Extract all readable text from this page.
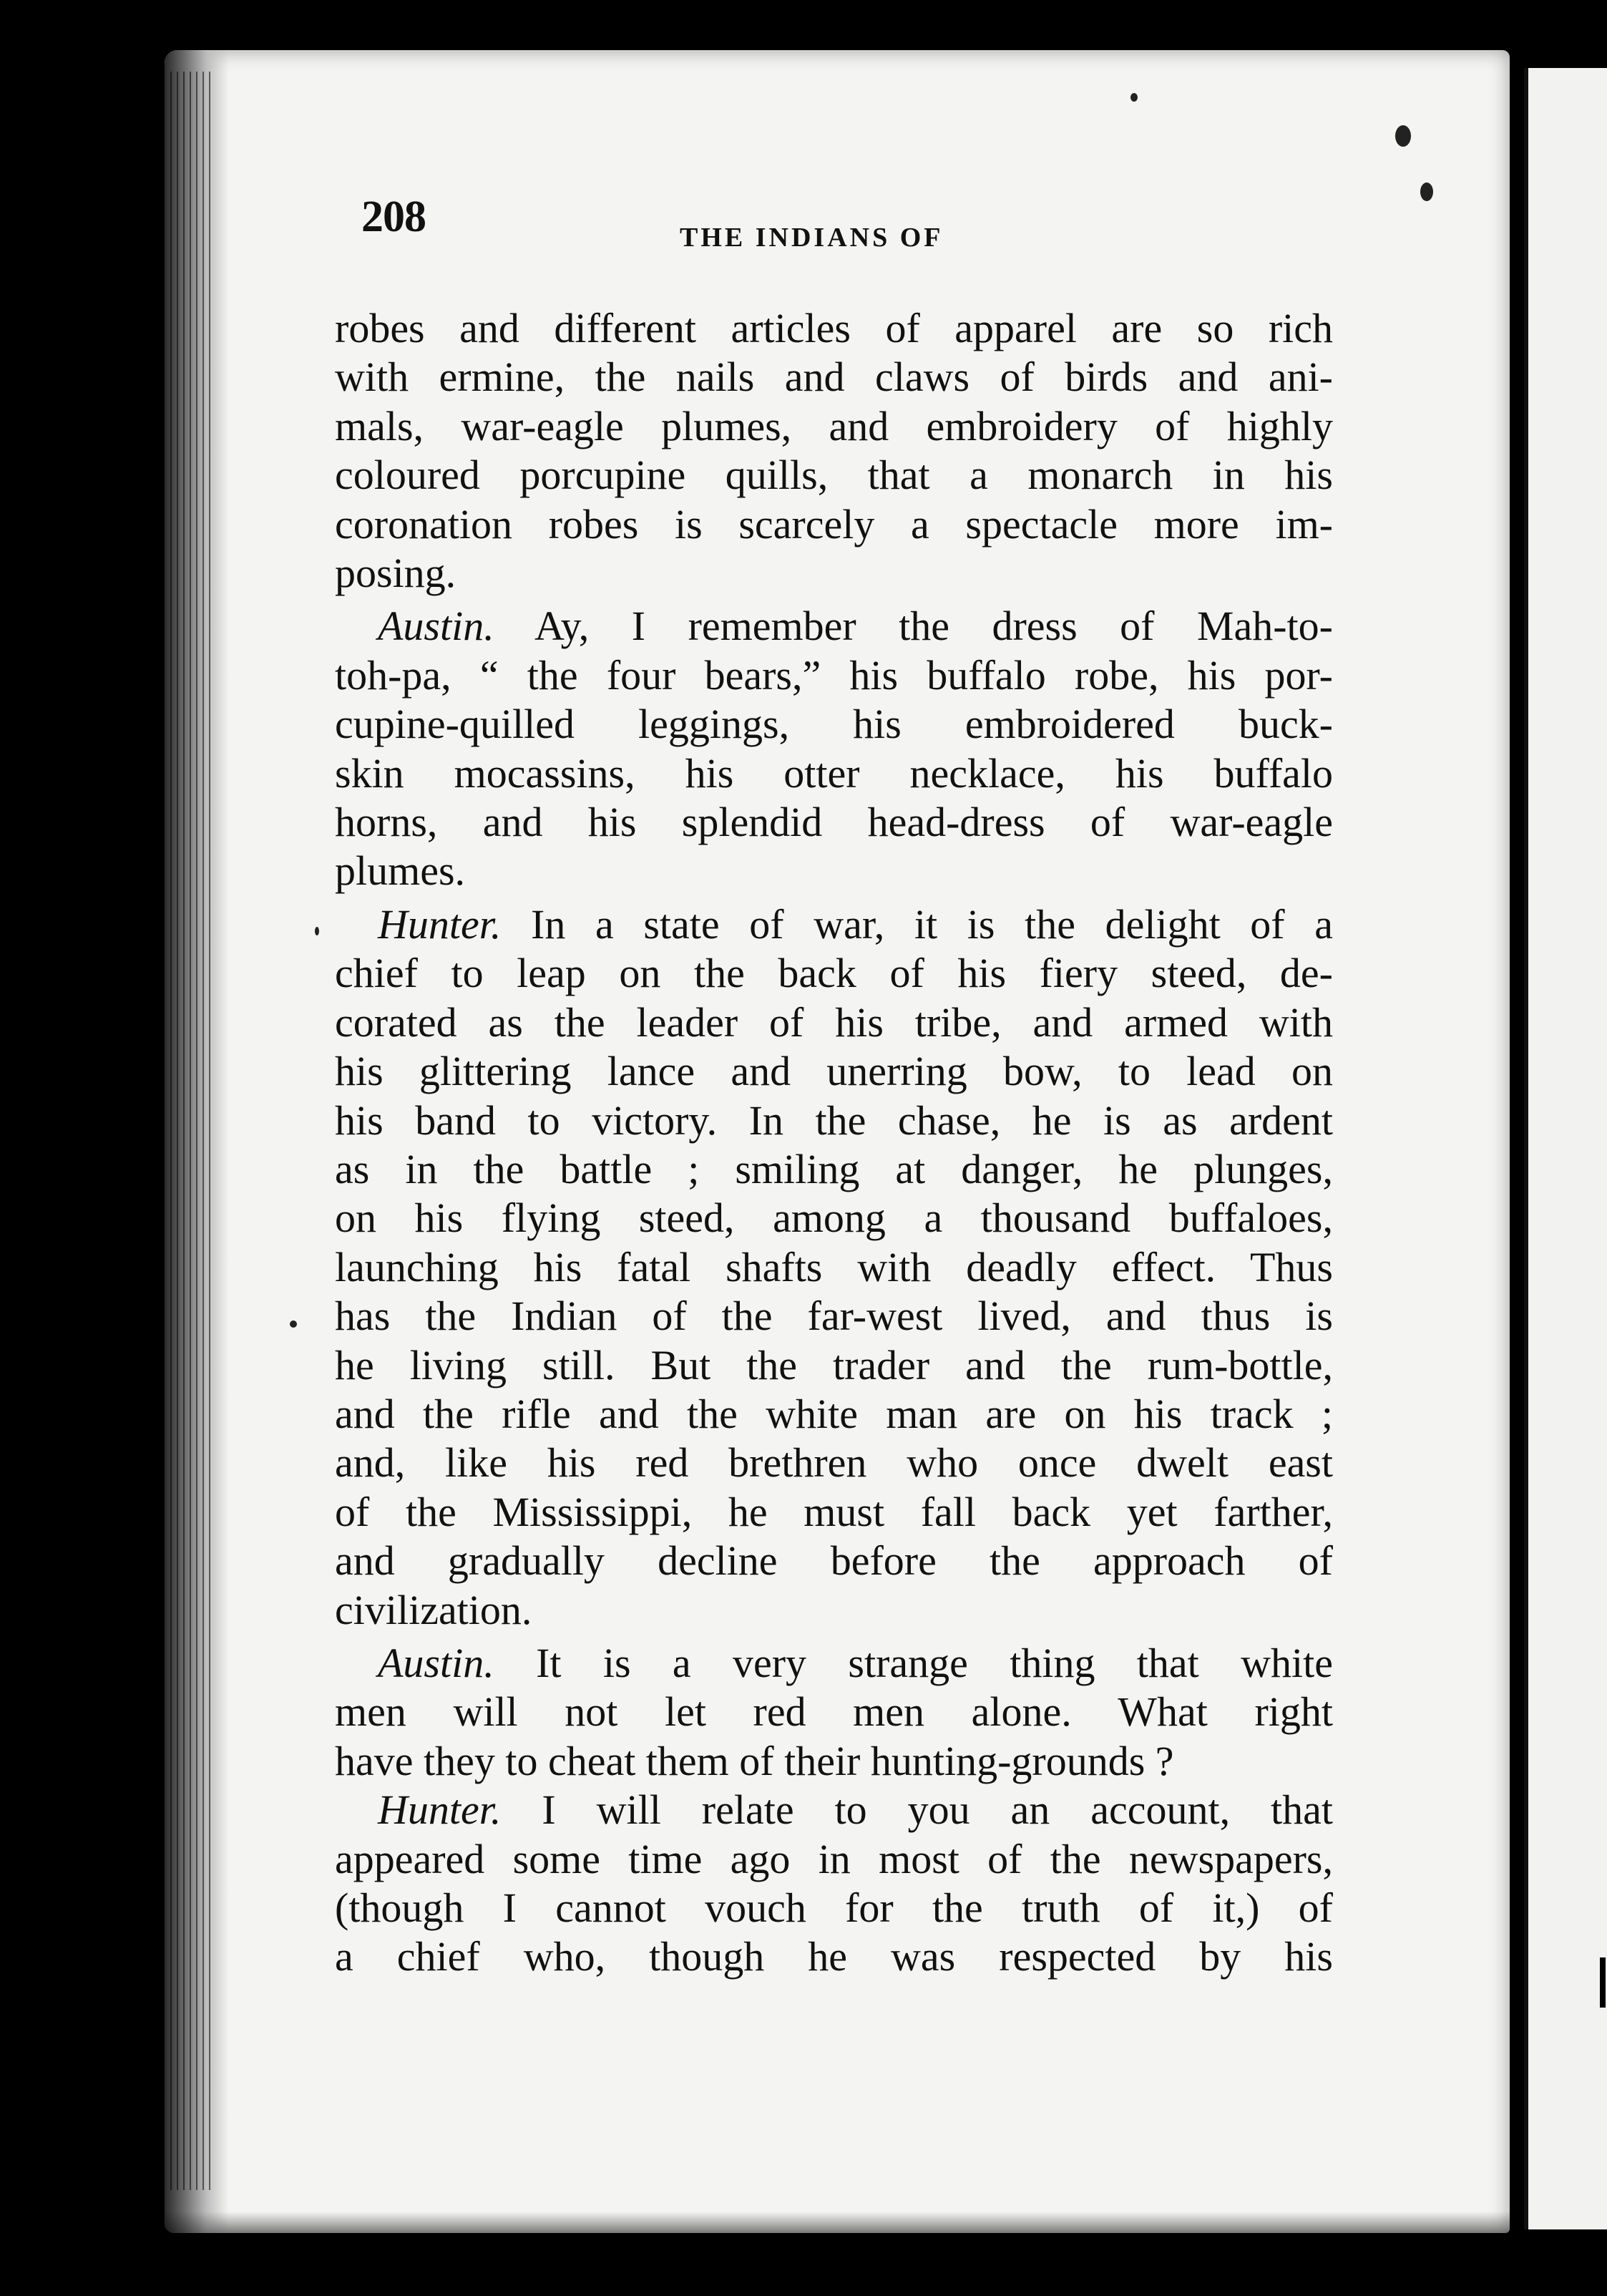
208	THE INDIANS OF
robes and different articles of apparel are so rich
with ermine, the nails and claws of birds and ani-
mals, war-eagle plumes, and embroidery of highly
coloured porcupine quills, that a monarch in his
coronation robes is scarcely a spectacle more im-
posing.
Austin. Ay, I remember the dress of Mah-to-
toh-pa, “ the four bears,” his buffalo robe, his por-
cupine-quilled leggings, his embroidered buck-
skin mocassins, his otter necklace, his buffalo
horns, and his splendid head-dress of war-eagle
plumes.
Hunter. In a state of war, it is the delight of a
chief to leap on the back of his fiery steed, de-
corated as the leader of his tribe, and armed with
his glittering lance and unerring bow, to lead on
his band to victory. In the chase, he is as ardent
as in the battle ; smiling at danger, he plunges,
on his flying steed, among a thousand buffaloes,
launching his fatal shafts with deadly effect. Thus
has the Indian of the far-west lived, and thus is
he living still. But the trader and the rum-bottle,
and the rifle and the white man are on his track ;
and, like his red brethren who once dwelt east
of the Mississippi, he must fall back yet farther,
and gradually decline before the approach of
civilization.
Austin. It is a very strange thing that white
men will not let red men alone. What right
have they to cheat them of their hunting-grounds ?
Hunter. I will relate to you an account, that
appeared some time ago in most of the newspapers,
(though I cannot vouch for the truth of it,) of
a chief who, though he was respected by his
